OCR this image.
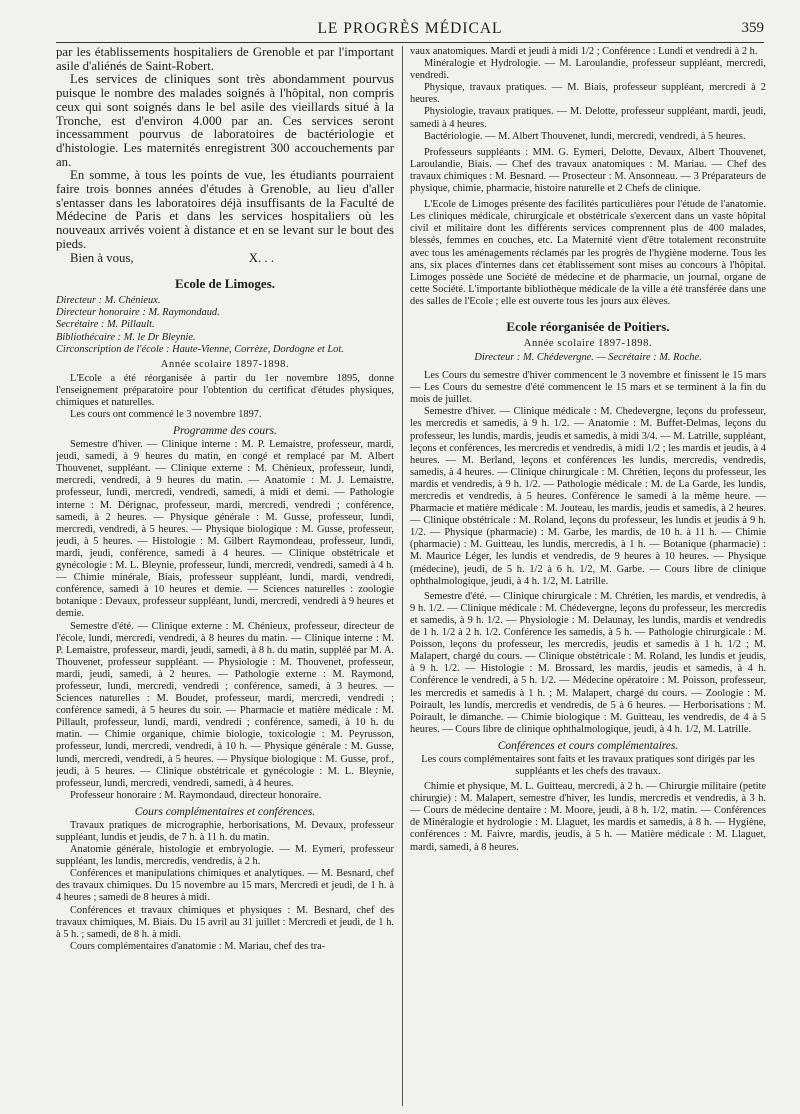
LE PROGRÈS MÉDICAL	359

par les établissements hospitaliers de Grenoble et par l'important asile d'aliénés de Saint-Robert.

Les services de cliniques sont très abondamment pourvus puisque le nombre des malades soignés à l'hôpital, non compris ceux qui sont soignés dans le bel asile des vieillards situé à la Tronche, est d'environ 4.000 par an. Ces services seront incessamment pourvus de laboratoires de bactériologie et d'histologie. Les maternités enregistrent 300 accouchements par an.

En somme, à tous les points de vue, les étudiants pourraient faire trois bonnes années d'études à Grenoble, au lieu d'aller s'entasser dans les laboratoires déjà insuffisants de la Faculté de Médecine de Paris et dans les services hospitaliers où les nouveaux arrivés voient à distance et en se levant sur le bout des pieds.

Bien à vous,                                    X. . .

Ecole de Limoges.

Directeur : M. Chénieux.

Directeur honoraire : M. Raymondaud.

Secrétaire : M. Pillault.

Bibliothécaire : M. le Dr Bleynie.

Circonscription de l'école : Haute-Vienne, Corrèze, Dordogne et Lot.

Année scolaire 1897-1898.

L'Ecole a été réorganisée à partir du 1er novembre 1895, donne l'enseignement préparatoire pour l'obtention du certificat d'études physiques, chimiques et naturelles.

Les cours ont commencé le 3 novembre 1897.

Programme des cours.

Semestre d'hiver. — Clinique interne : M. P. Lemaistre, professeur, mardi, jeudi, samedi, à 9 heures du matin, en congé et remplacé par M. Albert Thouvenet, suppléant. — Clinique externe : M. Chénieux, professeur, lundi, mercredi, vendredi, à 9 heures du matin. — Anatomie : M. J. Lemaistre, professeur, lundi, mercredi, vendredi, samedi, à midi et demi. — Pathologie interne : M. Dérignac, professeur, mardi, mercredi, vendredi ; conférence, samedi, à 2 heures. — Physique générale : M. Gusse, professeur, lundi, mercredi, vendredi, à 5 heures. — Physique biologique : M. Gusse, professeur, jeudi, à 5 heures. — Histologie : M. Gilbert Raymondeau, professeur, lundi, mardi, jeudi, conférence, samedi à 4 heures. — Clinique obstétricale et gynécologie : M. L. Bleynie, professeur, lundi, mercredi, vendredi, samedi à 4 h. — Chimie minérale, Biais, professeur suppléant, lundi, mardi, vendredi, conférence, samedi à 10 heures et demie. — Sciences naturelles : zoologie botanique : Devaux, professeur suppléant, lundi, mercredi, vendredi à 9 heures et demie.

Semestre d'été. — Clinique externe : M. Chénieux, professeur, directeur de l'école, lundi, mercredi, vendredi, à 8 heures du matin. — Clinique interne : M. P. Lemaistre, professeur, mardi, jeudi, samedi, à 8 h. du matin, suppléé par M. A. Thouvenet, professeur suppléant. — Physiologie : M. Thouvenet, professeur, mardi, jeudi, samedi, à 2 heures. — Pathologie externe : M. Raymond, professeur, lundi, mercredi, vendredi ; conférence, samedi, à 3 heures. — Sciences naturelles : M. Boudet, professeur, mardi, mercredi, vendredi ; conférence samedi, à 5 heures du soir. — Pharmacie et matière médicale : M. Pillault, professeur, lundi, mardi, vendredi ; conférence, samedi, à 10 h. du matin. — Chimie organique, chimie biologie, toxicologie : M. Peyrusson, professeur, lundi, mercredi, vendredi, à 10 h. — Physique générale : M. Gusse, lundi, mercredi, vendredi, à 5 heures. — Physique biologique : M. Gusse, prof., jeudi, à 5 heures. — Clinique obstétricale et gynécologie : M. L. Bleynie, professeur, lundi, mercredi, vendredi, samedi, à 4 heures.

Professeur honoraire : M. Raymondaud, directeur honoraire.

Cours complémentaires et conférences.

Travaux pratiques de micrographie, herborisations, M. Devaux, professeur suppléant, lundis et jeudis, de 7 h. à 11 h. du matin.

Anatomie générale, histologie et embryologie. — M. Eymeri, professeur suppléant, les lundis, mercredis, vendredis, à 2 h.

Conférences et manipulations chimiques et analytiques. — M. Besnard, chef des travaux chimiques. Du 15 novembre au 15 mars, Mercredi et jeudi, de 1 h. à 4 heures ; samedi de 8 heures à midi.

Conférences et travaux chimiques et physiques : M. Besnard, chef des travaux chimiques, M. Biais. Du 15 avril au 31 juillet : Mercredi et jeudi, de 1 h. à 5 h. ; samedi, de 8 h. à midi.

Cours complémentaires d'anatomie : M. Mariau, chef des tra-

vaux anatomiques. Mardi et jeudi à midi 1/2 ; Conférence : Lundi et vendredi à 2 h.

Minéralogie et Hydrologie. — M. Laroulandie, professeur suppléant, mercredi, vendredi.

Physique, travaux pratiques. — M. Biais, professeur suppléant, mercredi à 2 heures.

Physiologie, travaux pratiques. — M. Delotte, professeur suppléant, mardi, jeudi, samedi à 4 heures.

Bactériologie. — M. Albert Thouvenet, lundi, mercredi, vendredi, à 5 heures.

Professeurs suppléants : MM. G. Eymeri, Delotte, Devaux, Albert Thouvenet, Laroulandie, Biais. — Chef des travaux anatomiques : M. Mariau. — Chef des travaux chimiques : M. Besnard. — Prosecteur : M. Ansonneau. — 3 Préparateurs de physique, chimie, pharmacie, histoire naturelle et 2 Chefs de clinique.

L'Ecole de Limoges présente des facilités particulières pour l'étude de l'anatomie. Les cliniques médicale, chirurgicale et obstétricale s'exercent dans un vaste hôpital civil et militaire dont les différents services comprennent plus de 400 malades, blessés, femmes en couches, etc. La Maternité vient d'être totalement reconstruite avec tous les aménagements réclamés par les progrès de l'hygiène moderne. Tous les ans, six places d'internes dans cet établissement sont mises au concours à l'hôpital. Limoges possède une Société de médecine et de pharmacie, un journal, organe de cette Société. L'importante bibliothèque médicale de la ville a été transférée dans une des salles de l'Ecole ; elle est ouverte tous les jours aux élèves.

Ecole réorganisée de Poitiers.
Année scolaire 1897-1898.

Directeur : M. Chédevergne. — Secrétaire : M. Roche.

Les Cours du semestre d'hiver commencent le 3 novembre et finissent le 15 mars — Les Cours du semestre d'été commencent le 15 mars et se terminent à la fin du mois de juillet.

Semestre d'hiver. — Clinique médicale : M. Chedevergne, leçons du professeur, les mercredis et samedis, à 9 h. 1/2. — Anatomie : M. Buffet-Delmas, leçons du professeur, les lundis, mardis, jeudis et samedis, à midi 3/4. — M. Latrille, suppléant, leçons et conférences, les mercredis et vendredis, à midi 1/2 ; les mardis et jeudis, à 4 heures. — M. Berland, leçons et conférences les lundis, mercredis, vendredis, samedis, à 4 heures. — Clinique chirurgicale : M. Chrétien, leçons du professeur, les mardis et vendredis, à 9 h. 1/2. — Pathologie médicale : M. de La Garde, les lundis, mercredis et vendredis, à 5 heures. Conférence le samedi à la même heure. — Pharmacie et matière médicale : M. Jouteau, les mardis, jeudis et samedis, à 2 heures. — Clinique obstétricale : M. Roland, leçons du professeur, les lundis et jeudis à 9 h. 1/2. — Physique (pharmacie) : M. Garbe, les mardis, de 10 h. à 11 h. — Chimie (pharmacie) : M. Guitteau, les lundis, mercredis, à 1 h. — Botanique (pharmacie) : M. Maurice Léger, les lundis et vendredis, de 9 heures à 10 heures. — Physique (médecine), jeudi, de 5 h. 1/2 à 6 h. 1/2, M. Garbe. — Cours libre de clinique ophthalmologique, jeudi, à 4 h. 1/2, M. Latrille.

Semestre d'été. — Clinique chirurgicale : M. Chrétien, les mardis, et vendredis, à 9 h. 1/2. — Clinique médicale : M. Chédevergne, leçons du professeur, les mercredis et samedis, à 9 h. 1/2. — Physiologie : M. Delaunay, les lundis, mardis et vendredis de 1 h. 1/2 à 2 h. 1/2. Conférence les samedis, à 5 h. — Pathologie chirurgicale : M. Poisson, leçons du professeur, les mercredis, jeudis et samedis à 1 h. 1/2 ; M. Malapert, chargé du cours. — Clinique obstétricale : M. Roland, les lundis et jeudis, à 9 h. 1/2. — Histologie : M. Brossard, les mardis, jeudis et samedis, à 4 h. Conférence le vendredi, à 5 h. 1/2. — Médecine opératoire : M. Poisson, professeur, les mercredis et samedis à 1 h. ; M. Malapert, chargé du cours. — Zoologie : M. Poirault, les lundis, mercredis et vendredis, de 5 à 6 heures. — Herborisations : M. Poirault, le dimanche. — Chimie biologique : M. Guitteau, les vendredis, de 4 à 5 heures. — Cours libre de clinique ophthalmologique, jeudi, à 4 h. 1/2, M. Latrille.

Conférences et cours complémentaires.

Les cours complémentaires sont faits et les travaux pratiques sont dirigés par les suppléants et les chefs des travaux.

Chimie et physique, M. L. Guitteau, mercredi, à 2 h. — Chirurgie militaire (petite chirurgie) : M. Malapert, semestre d'hiver, les lundis, mercredis et vendredis, à 3 h. — Cours de médecine dentaire : M. Moore, jeudi, à 8 h. 1/2, matin. — Conférences de Minéralogie et hydrologie : M. Llaguet, les mardis et samedis, à 8 h. — Hygiène, conférences : M. Faivre, mardis, jeudis, à 5 h. — Matière médicale : M. Llaguet, mardi, samedi, à 8 heures.
